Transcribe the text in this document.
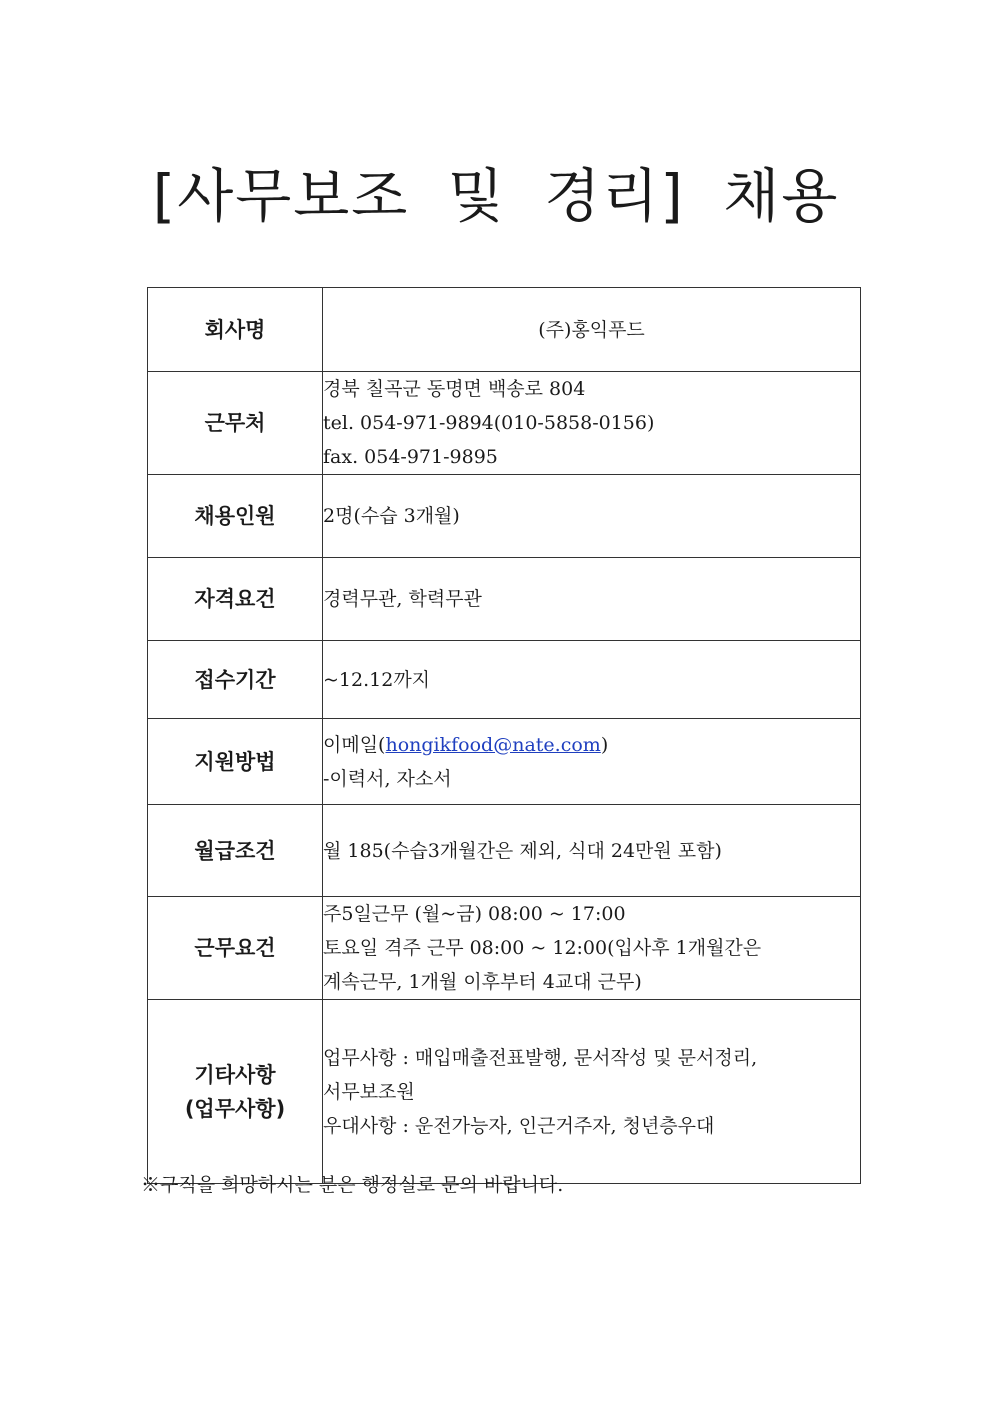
[사무보조 및 경리] 채용
회사명	(주)홍익푸드
근무처	경북 칠곡군 동명면 백송로 804
tel. 054-971-9894(010-5858-0156)
fax. 054-971-9895

채용인원	2명(수습 3개월)
자격요건	경력무관, 학력무관
접수기간	~12.12까지
지원방법	이메일(hongikfood@nate.com)
-이력서, 자소서

월급조건	월 185(수습3개월간은 제외, 식대 24만원 포함)
근무요건	주5일근무 (월~금) 08:00 ~ 17:00
토요일 격주 근무 08:00 ~ 12:00(입사후 1개월간은
계속근무, 1개월 이후부터 4교대 근무)

기타사항
(업무사항)	업무사항 : 매입매출전표발행, 문서작성 및 문서정리,
서무보조원
우대사항 : 운전가능자, 인근거주자, 청년층우대
※구직을 희망하시는 분은 행정실로 문의 바랍니다.
